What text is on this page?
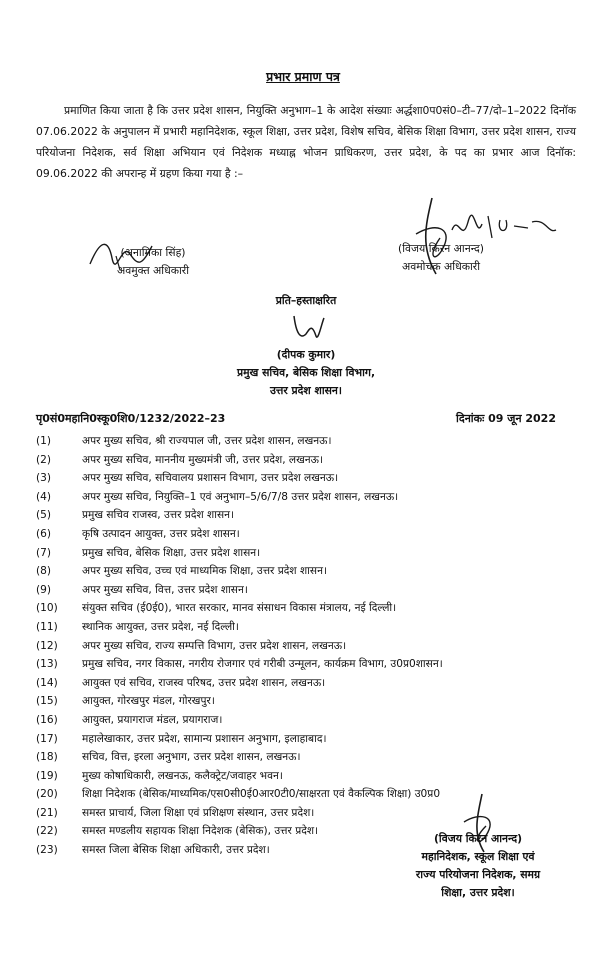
प्रभार प्रमाण पत्र
प्रमाणित किया जाता है कि उत्तर प्रदेश शासन, नियुक्ति अनुभाग–1 के आदेश संख्याः अर्द्धशा0प0सं0–टी–77/दो–1–2022 दिनॉक 07.06.2022 के अनुपालन में प्रभारी महानिदेशक, स्कूल शिक्षा, उत्तर प्रदेश, विशेष सचिव, बेसिक शिक्षा विभाग, उत्तर प्रदेश शासन, राज्य परियोजना निदेशक, सर्व शिक्षा अभियान एवं निदेशक मध्याह्न भोजन प्राधिकरण, उत्तर प्रदेश, के पद का प्रभार आज दिनॉक: 09.06.2022 की अपरान्ह में ग्रहण किया गया है :–
(अनामिका सिंह)
अवमुक्त अधिकारी
(विजय किरन आनन्द)
अवमोचक अधिकारी
प्रति–हस्ताक्षरित
(दीपक कुमार)
प्रमुख सचिव, बेसिक शिक्षा विभाग,
उत्तर प्रदेश शासन।
पृ0सं0महानि0स्कू0शि0/1232/2022–23	दिनांकः 09 जून 2022
(1)	अपर मुख्य सचिव, श्री राज्यपाल जी, उत्तर प्रदेश शासन, लखनऊ।
(2)	अपर मुख्य सचिव, माननीय मुख्यमंत्री जी, उत्तर प्रदेश, लखनऊ।
(3)	अपर मुख्य सचिव, सचिवालय प्रशासन विभाग, उत्तर प्रदेश लखनऊ।
(4)	अपर मुख्य सचिव, नियुक्ति–1 एवं अनुभाग–5/6/7/8 उत्तर प्रदेश शासन, लखनऊ।
(5)	प्रमुख सचिव राजस्व, उत्तर प्रदेश शासन।
(6)	कृषि उत्पादन आयुक्त, उत्तर प्रदेश शासन।
(7)	प्रमुख सचिव, बेसिक शिक्षा, उत्तर प्रदेश शासन।
(8)	अपर मुख्य सचिव, उच्च एवं माध्यमिक शिक्षा, उत्तर प्रदेश शासन।
(9)	अपर मुख्य सचिव, वित्त, उत्तर प्रदेश शासन।
(10) संयुक्त सचिव (ई0ई0), भारत सरकार, मानव संसाधन विकास मंत्रालय, नई दिल्ली।
(11) स्थानिक आयुक्त, उत्तर प्रदेश, नई दिल्ली।
(12) अपर मुख्य सचिव, राज्य सम्पत्ति विभाग, उत्तर प्रदेश शासन, लखनऊ।
(13) प्रमुख सचिव, नगर विकास, नगरीय रोजगार एवं गरीबी उन्मूलन, कार्यक्रम विभाग, उ0प्र0शासन।
(14) आयुक्त एवं सचिव, राजस्व परिषद, उत्तर प्रदेश शासन, लखनऊ।
(15) आयुक्त, गोरखपुर मंडल, गोरखपुर।
(16) आयुक्त, प्रयागराज मंडल, प्रयागराज।
(17) महालेखाकार, उत्तर प्रदेश, सामान्य प्रशासन अनुभाग, इलाहाबाद।
(18) सचिव, वित्त, इरला अनुभाग, उत्तर प्रदेश शासन, लखनऊ।
(19) मुख्य कोषाधिकारी, लखनऊ, कलैक्ट्रेट/जवाहर भवन।
(20) शिक्षा निदेशक (बेसिक/माध्यमिक/एस0सी0ई0आर0टी0/साक्षरता एवं वैकल्पिक शिक्षा) उ0प्र0
(21) समस्त प्राचार्य, जिला शिक्षा एवं प्रशिक्षण संस्थान, उत्तर प्रदेश।
(22) समस्त मण्डलीय सहायक शिक्षा निदेशक (बेसिक), उत्तर प्रदेश।
(23) समस्त जिला बेसिक शिक्षा अधिकारी, उत्तर प्रदेश।
(विजय किरन आनन्द)
महानिदेशक, स्कूल शिक्षा एवं
राज्य परियोजना निदेशक, समग्र
शिक्षा, उत्तर प्रदेश।
